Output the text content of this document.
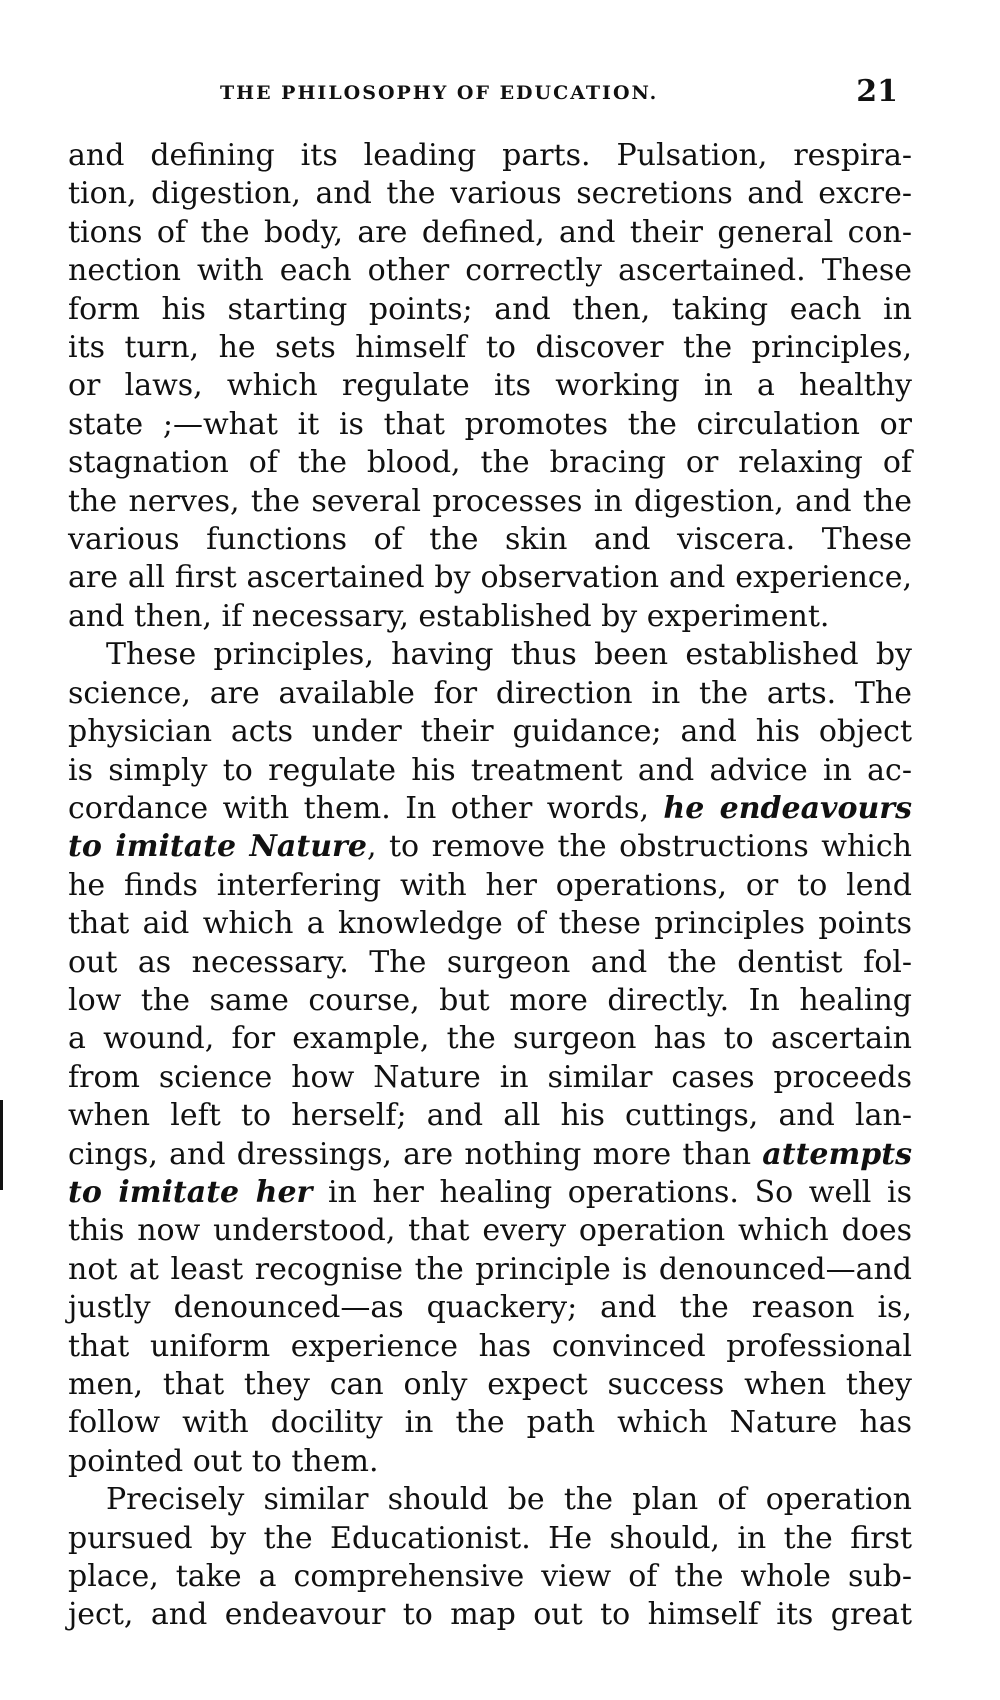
THE PHILOSOPHY OF EDUCATION.	21
and defining its leading parts. Pulsation, respira-
tion, digestion, and the various secretions and excre-
tions of the body, are defined, and their general con-
nection with each other correctly ascertained. These
form his starting points; and then, taking each in
its turn, he sets himself to discover the principles,
or laws, which regulate its working in a healthy
state ;—what it is that promotes the circulation or
stagnation of the blood, the bracing or relaxing of
the nerves, the several processes in digestion, and the
various functions of the skin and viscera. These
are all first ascertained by observation and experience,
and then, if necessary, established by experiment.
These principles, having thus been established by
science, are available for direction in the arts. The
physician acts under their guidance; and his object
is simply to regulate his treatment and advice in ac-
cordance with them. In other words, he endeavours
to imitate Nature, to remove the obstructions which
he finds interfering with her operations, or to lend
that aid which a knowledge of these principles points
out as necessary. The surgeon and the dentist fol-
low the same course, but more directly. In healing
a wound, for example, the surgeon has to ascertain
from science how Nature in similar cases proceeds
when left to herself; and all his cuttings, and lan-
cings, and dressings, are nothing more than attempts
to imitate her in her healing operations. So well is
this now understood, that every operation which does
not at least recognise the principle is denounced—and
justly denounced—as quackery; and the reason is,
that uniform experience has convinced professional
men, that they can only expect success when they
follow with docility in the path which Nature has
pointed out to them.
Precisely similar should be the plan of operation
pursued by the Educationist. He should, in the first
place, take a comprehensive view of the whole sub-
ject, and endeavour to map out to himself its great
